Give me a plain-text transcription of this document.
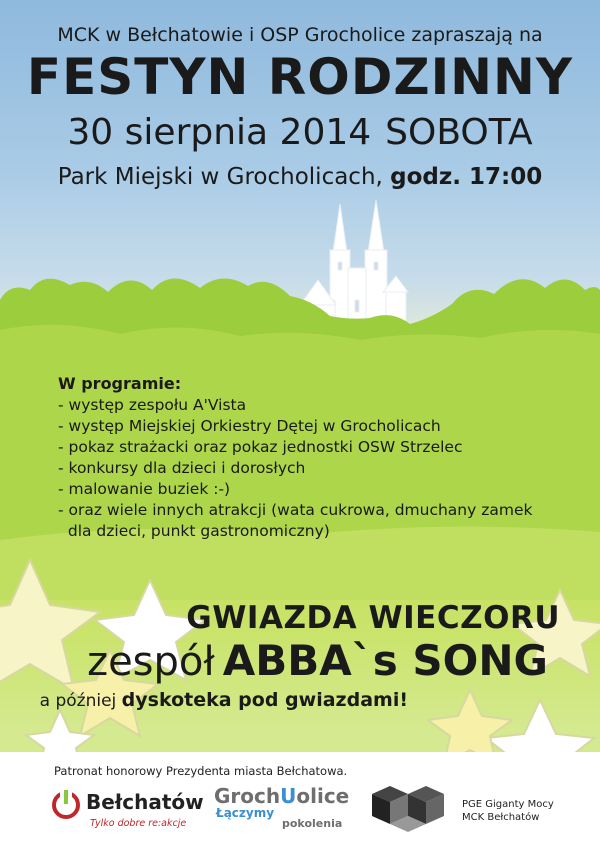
MCK w Bełchatowie i OSP Grocholice zapraszają na
FESTYN RODZINNY
30 sierpnia 2014 SOBOTA
Park Miejski w Grocholicach, godz. 17:00
W programie:
- występ zespołu A'Vista
- występ Miejskiej Orkiestry Dętej w Grocholicach
- pokaz strażacki oraz pokaz jednostki OSW Strzelec
- konkursy dla dzieci i dorosłych
- malowanie buziek :-)
- oraz wiele innych atrakcji (wata cukrowa, dmuchany zamek
dla dzieci, punkt gastronomiczny)
GWIAZDA WIECZORU
zespół ABBA`s SONG
a później dyskoteka pod gwiazdami!
Patronat honorowy Prezydenta miasta Bełchatowa.
Bełchatów
Tylko dobre re:akcje
GrochUolice
Łączymy
pokolenia
PGE Giganty Mocy
MCK Bełchatów
